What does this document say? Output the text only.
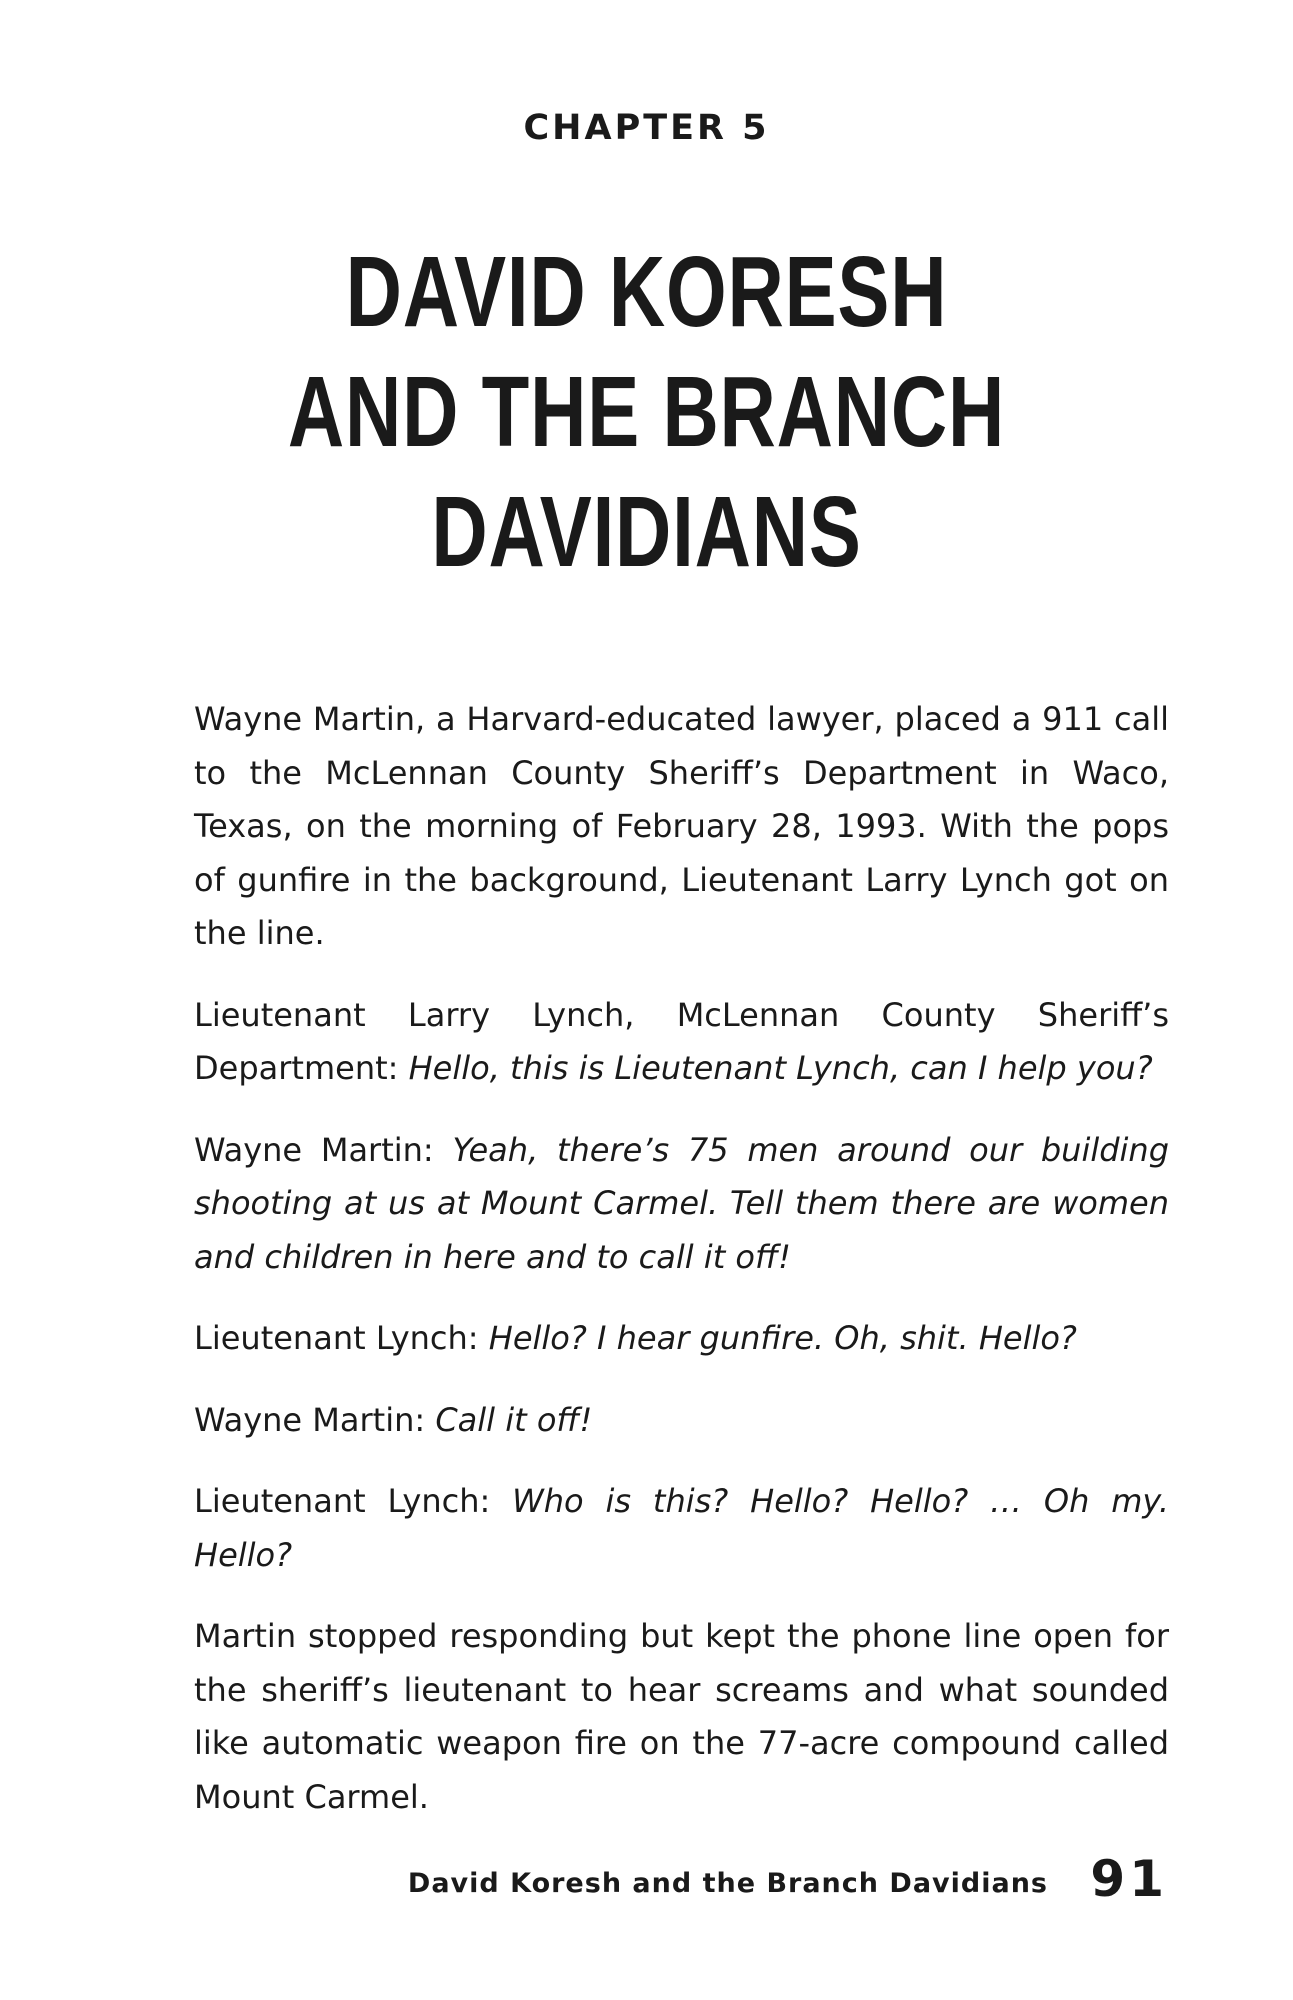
CHAPTER 5
DAVID KORESH
AND THE BRANCH
DAVIDIANS

Wayne Martin, a Harvard-educated lawyer, placed a 911 call to the McLennan County Sheriff’s Department in Waco, Texas, on the morning of February 28, 1993. With the pops of gunfire in the background, Lieutenant Larry Lynch got on the line.

Lieutenant Larry Lynch, McLennan County Sheriff’s Department: Hello, this is Lieutenant Lynch, can I help you?

Wayne Martin: Yeah, there’s 75 men around our building shooting at us at Mount Carmel. Tell them there are women and children in here and to call it off!

Lieutenant Lynch: Hello? I hear gunfire. Oh, shit. Hello?

Wayne Martin: Call it off!

Lieutenant Lynch: Who is this? Hello? Hello? … Oh my. Hello?

Martin stopped responding but kept the phone line open for the sheriff’s lieutenant to hear screams and what sounded like automatic weapon fire on the 77-acre compound called Mount Carmel.

David Koresh and the Branch Davidians 91
